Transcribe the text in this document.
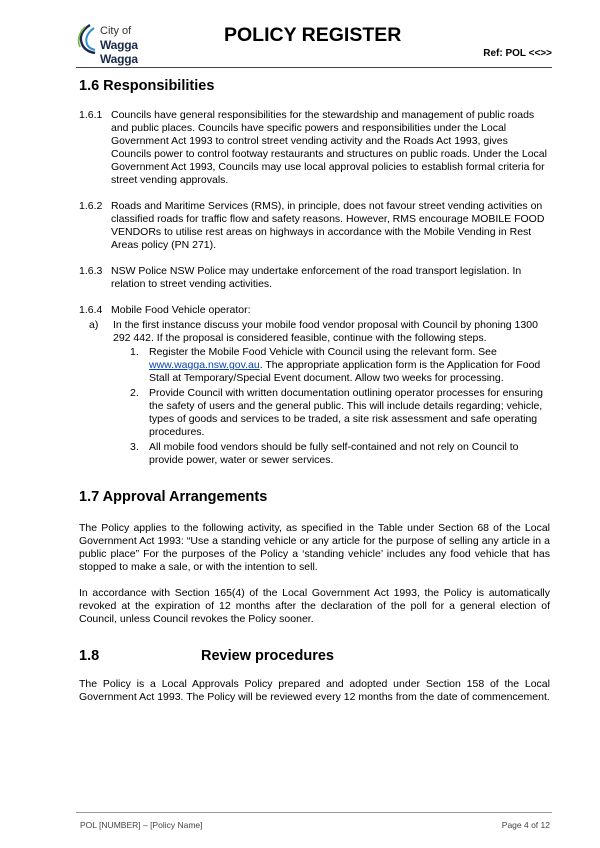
City of
Wagga Wagga
POLICY REGISTER
Ref: POL <<>>
1.6 Responsibilities
1.6.1 Councils have general responsibilities for the stewardship and management of public roads and public places. Councils have specific powers and responsibilities under the Local Government Act 1993 to control street vending activity and the Roads Act 1993, gives Councils power to control footway restaurants and structures on public roads. Under the Local Government Act 1993, Councils may use local approval policies to establish formal criteria for street vending approvals.
1.6.2 Roads and Maritime Services (RMS), in principle, does not favour street vending activities on classified roads for traffic flow and safety reasons. However, RMS encourage MOBILE FOOD VENDORs to utilise rest areas on highways in accordance with the Mobile Vending in Rest Areas policy (PN 271).
1.6.3 NSW Police NSW Police may undertake enforcement of the road transport legislation. In relation to street vending activities.
1.6.4 Mobile Food Vehicle operator:
a)	In the first instance discuss your mobile food vendor proposal with Council by phoning 1300 292 442. If the proposal is considered feasible, continue with the following steps.
1. Register the Mobile Food Vehicle with Council using the relevant form. See www.wagga.nsw.gov.au. The appropriate application form is the Application for Food Stall at Temporary/Special Event document. Allow two weeks for processing.
2. Provide Council with written documentation outlining operator processes for ensuring the safety of users and the general public. This will include details regarding; vehicle, types of goods and services to be traded, a site risk assessment and safe operating procedures.
3. All mobile food vendors should be fully self-contained and not rely on Council to provide power, water or sewer services.
1.7 Approval Arrangements

The Policy applies to the following activity, as specified in the Table under Section 68 of the Local Government Act 1993: “Use a standing vehicle or any article for the purpose of selling any article in a public place” For the purposes of the Policy a ‘standing vehicle’ includes any food vehicle that has stopped to make a sale, or with the intention to sell.

In accordance with Section 165(4) of the Local Government Act 1993, the Policy is automatically revoked at the expiration of 12 months after the declaration of the poll for a general election of Council, unless Council revokes the Policy sooner.

1.8	Review procedures

The Policy is a Local Approvals Policy prepared and adopted under Section 158 of the Local Government Act 1993. The Policy will be reviewed every 12 months from the date of commencement.

POL [NUMBER] – [Policy Name]	Page 4 of 12
